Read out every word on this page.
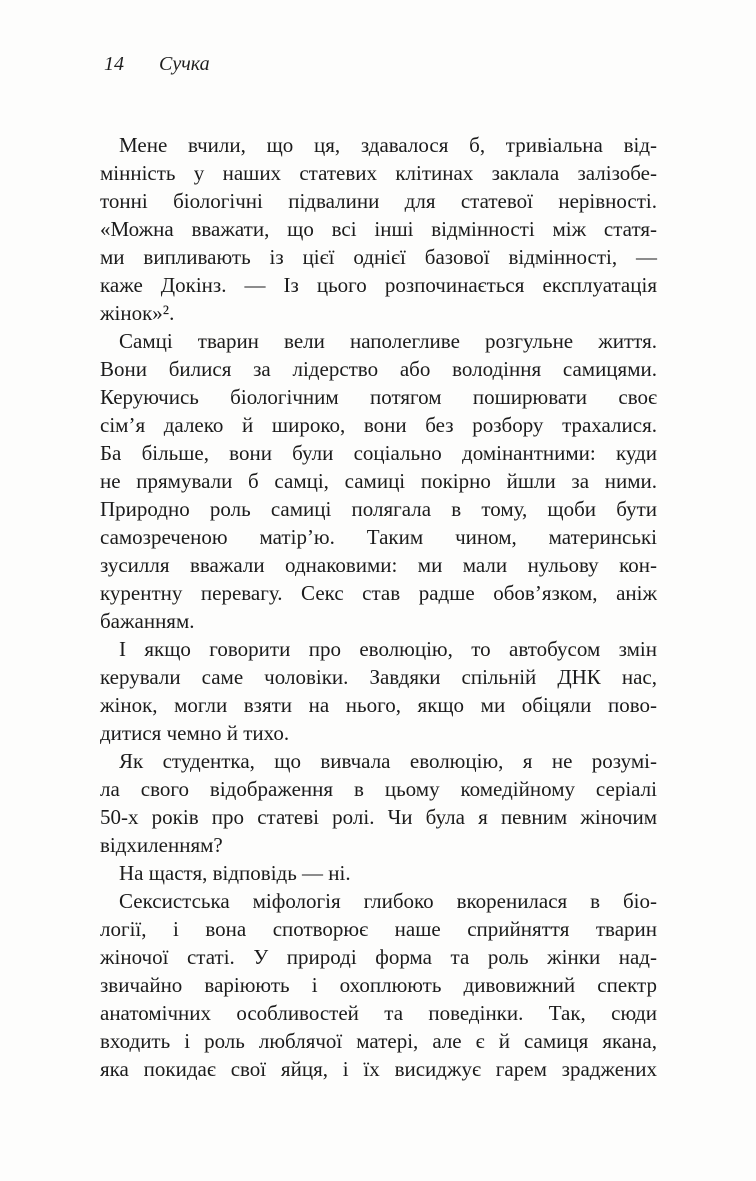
14 Сучка
Мене вчили, що ця, здавалося б, тривіальна від-
мінність у наших статевих клітинах заклала залізобе-
тонні біологічні підвалини для статевої нерівності.
«Можна вважати, що всі інші відмінності між статя-
ми випливають із цієї однієї базової відмінності, —
каже Докінз. — Із цього розпочинається експлуатація
жінок»².
Самці тварин вели наполегливе розгульне життя.
Вони билися за лідерство або володіння самицями.
Керуючись біологічним потягом поширювати своє
сім’я далеко й широко, вони без розбору трахалися.
Ба більше, вони були соціально домінантними: куди
не прямували б самці, самиці покірно йшли за ними.
Природно роль самиці полягала в тому, щоби бути
самозреченою матір’ю. Таким чином, материнські
зусилля вважали однаковими: ми мали нульову кон-
курентну перевагу. Секс став радше обов’язком, аніж
бажанням.
І якщо говорити про еволюцію, то автобусом змін
керували саме чоловіки. Завдяки спільній ДНК нас,
жінок, могли взяти на нього, якщо ми обіцяли пово-
дитися чемно й тихо.
Як студентка, що вивчала еволюцію, я не розумі-
ла свого відображення в цьому комедійному серіалі
50-х років про статеві ролі. Чи була я певним жіночим
відхиленням?
На щастя, відповідь — ні.
Сексистська міфологія глибоко вкоренилася в біо-
логії, і вона спотворює наше сприйняття тварин
жіночої статі. У природі форма та роль жінки над-
звичайно варіюють і охоплюють дивовижний спектр
анатомічних особливостей та поведінки. Так, сюди
входить і роль люблячої матері, але є й самиця якана,
яка покидає свої яйця, і їх висиджує гарем зраджених
